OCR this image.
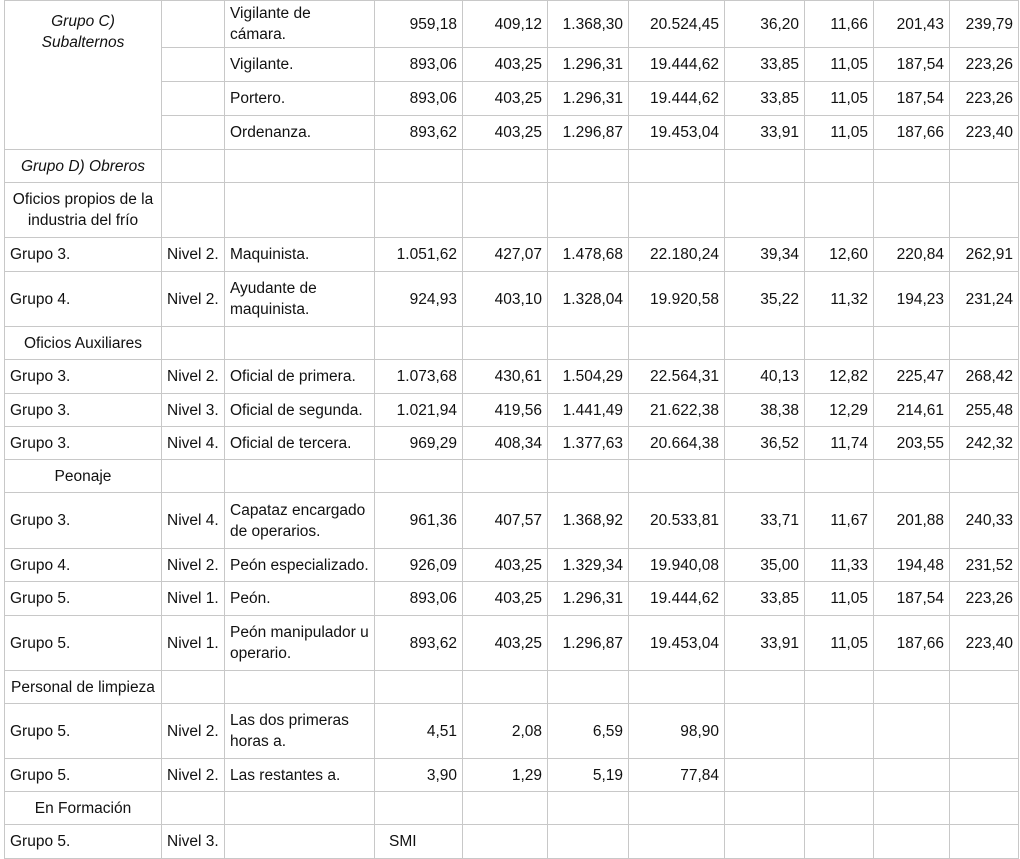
Grupo C)
Subalternos		Vigilante de cámara.	959,18	409,12	1.368,30	20.524,45	36,20	11,66	201,43	239,79
		Vigilante.	893,06	403,25	1.296,31	19.444,62	33,85	11,05	187,54	223,26
		Portero.	893,06	403,25	1.296,31	19.444,62	33,85	11,05	187,54	223,26
		Ordenanza.	893,62	403,25	1.296,87	19.453,04	33,91	11,05	187,66	223,40
Grupo D) Obreros										
Oficios propios de la industria del frío										
Grupo 3.	Nivel 2.	Maquinista.	1.051,62	427,07	1.478,68	22.180,24	39,34	12,60	220,84	262,91
Grupo 4.	Nivel 2.	Ayudante de maquinista.	924,93	403,10	1.328,04	19.920,58	35,22	11,32	194,23	231,24
Oficios Auxiliares										
Grupo 3.	Nivel 2.	Oficial de primera.	1.073,68	430,61	1.504,29	22.564,31	40,13	12,82	225,47	268,42
Grupo 3.	Nivel 3.	Oficial de segunda.	1.021,94	419,56	1.441,49	21.622,38	38,38	12,29	214,61	255,48
Grupo 3.	Nivel 4.	Oficial de tercera.	969,29	408,34	1.377,63	20.664,38	36,52	11,74	203,55	242,32
Peonaje										
Grupo 3.	Nivel 4.	Capataz encargado de operarios.	961,36	407,57	1.368,92	20.533,81	33,71	11,67	201,88	240,33
Grupo 4.	Nivel 2.	Peón especializado.	926,09	403,25	1.329,34	19.940,08	35,00	11,33	194,48	231,52
Grupo 5.	Nivel 1.	Peón.	893,06	403,25	1.296,31	19.444,62	33,85	11,05	187,54	223,26
Grupo 5.	Nivel 1.	Peón manipulador u operario.	893,62	403,25	1.296,87	19.453,04	33,91	11,05	187,66	223,40
Personal de limpieza										
Grupo 5.	Nivel 2.	Las dos primeras horas a.	4,51	2,08	6,59	98,90				
Grupo 5.	Nivel 2.	Las restantes a.	3,90	1,29	5,19	77,84				
En Formación										
Grupo 5.	Nivel 3.		SMI							
